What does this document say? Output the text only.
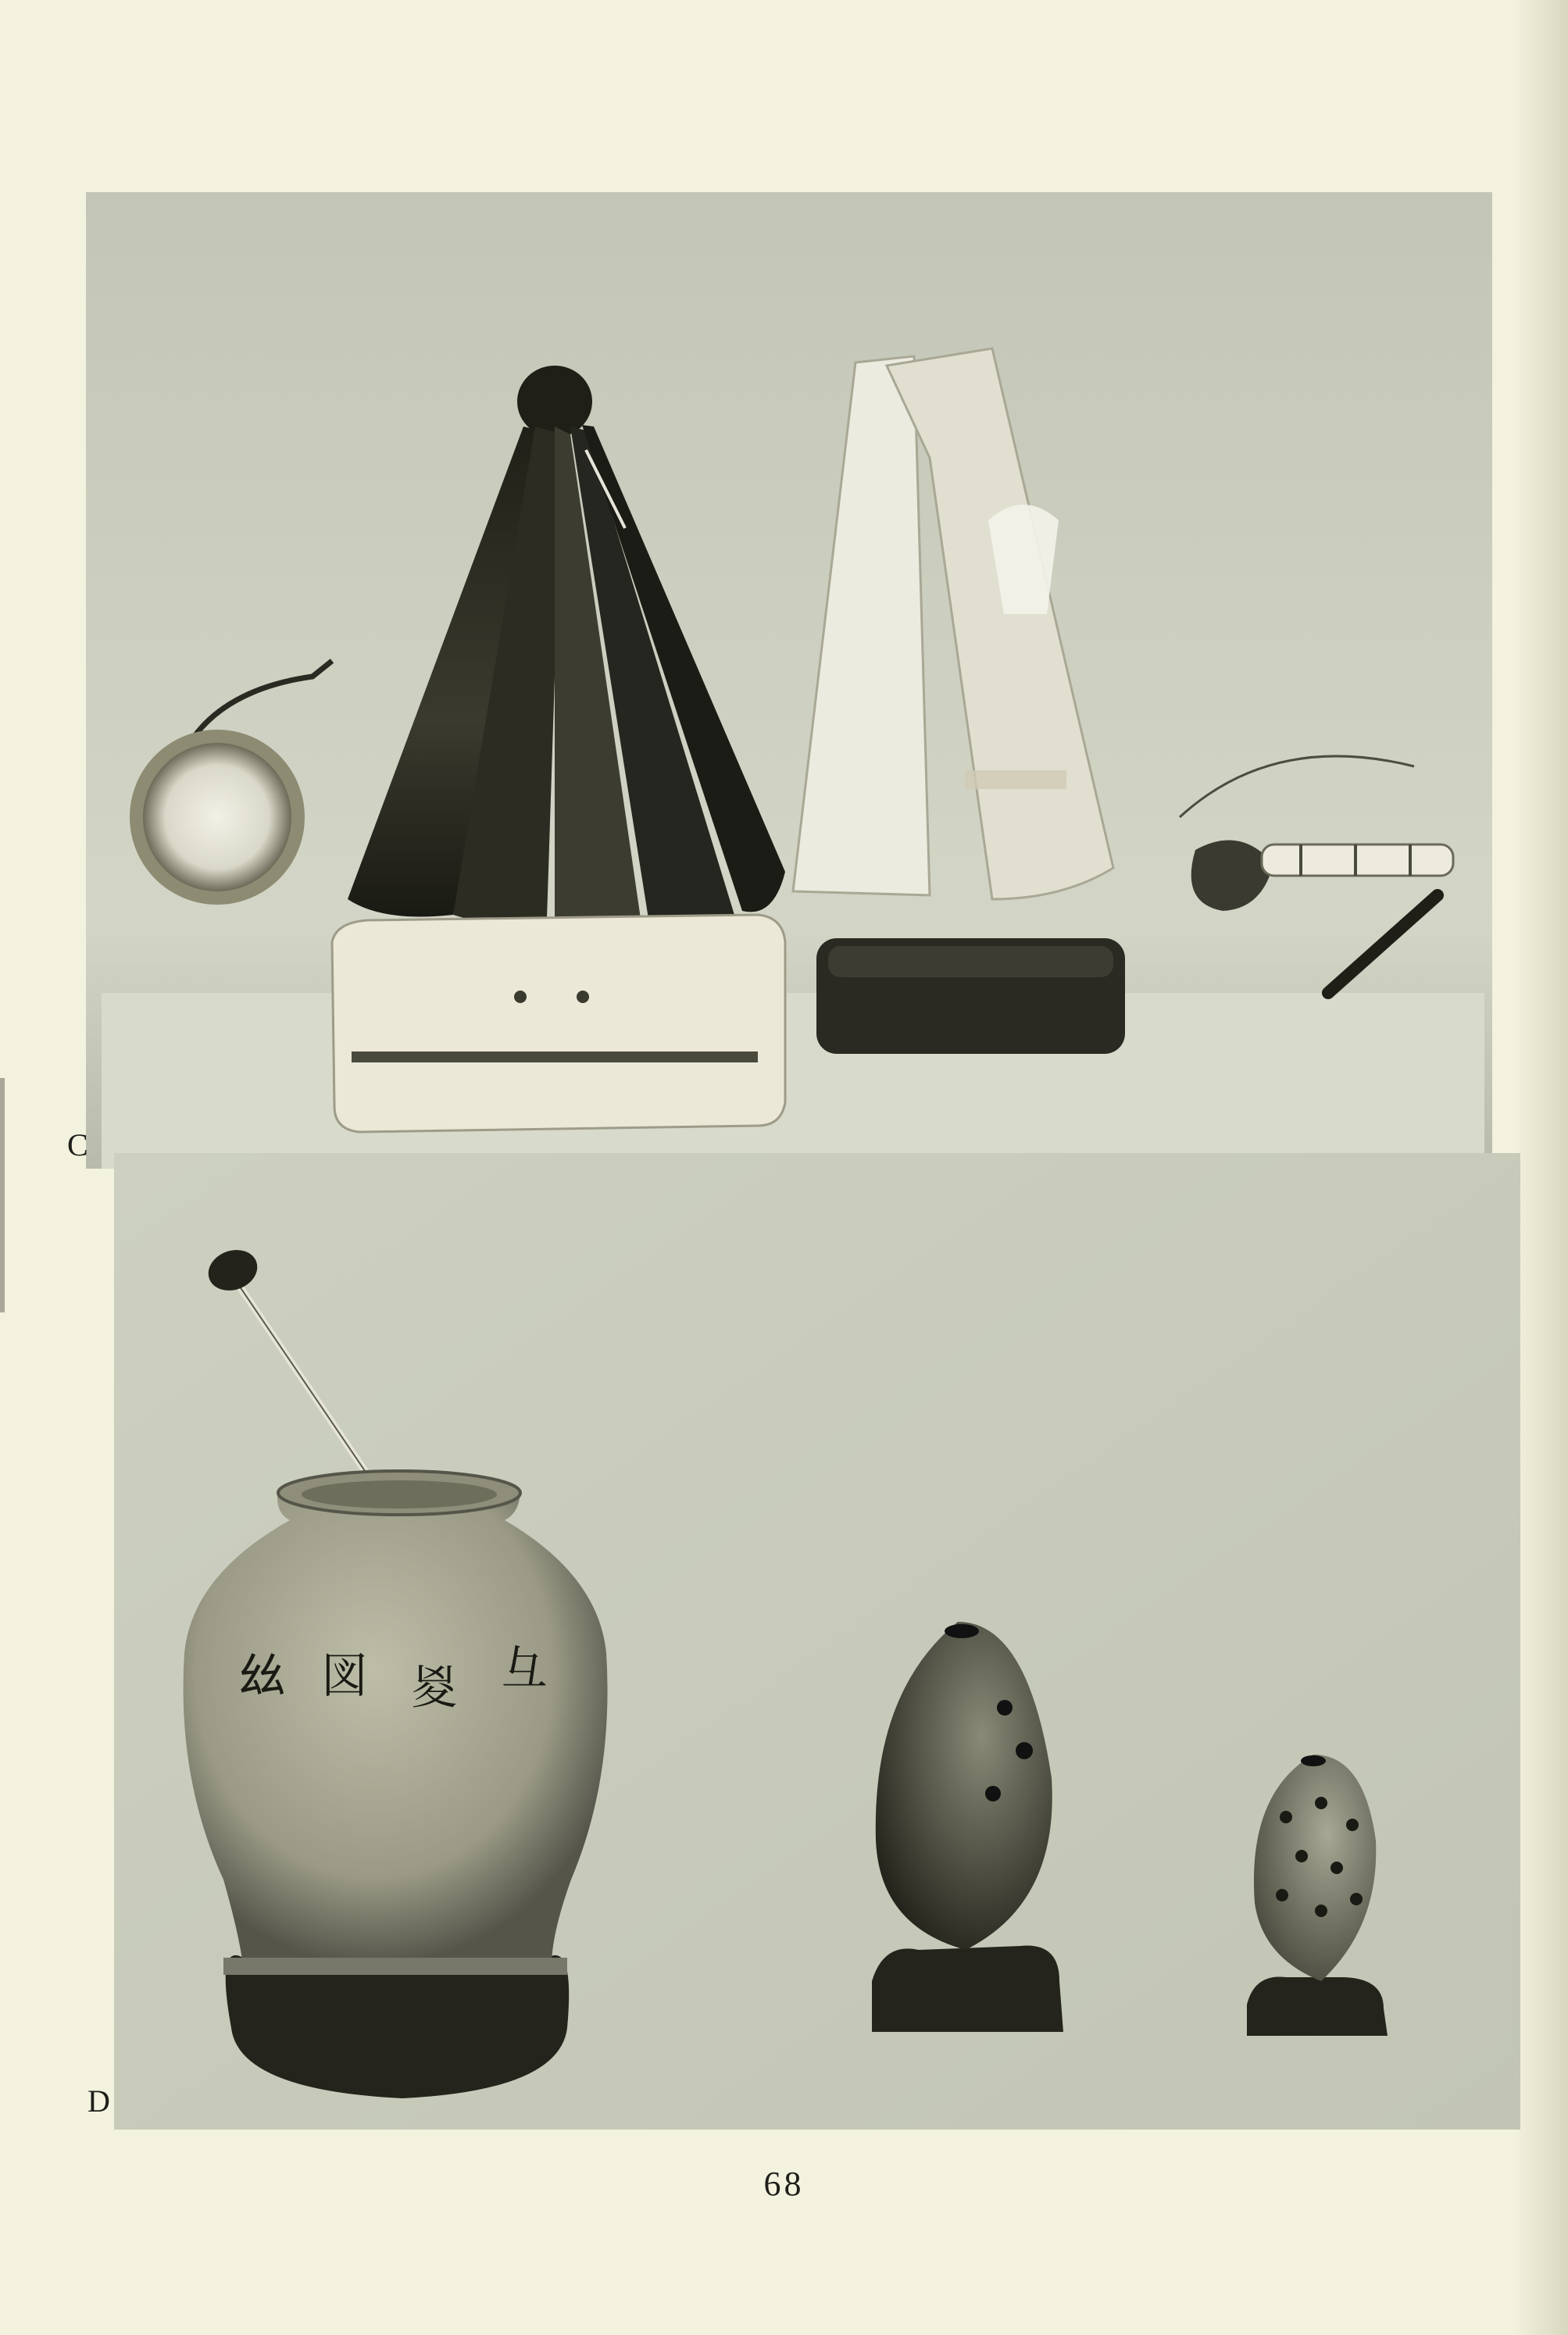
C
𢆶 図 㚇 彑
D
68
